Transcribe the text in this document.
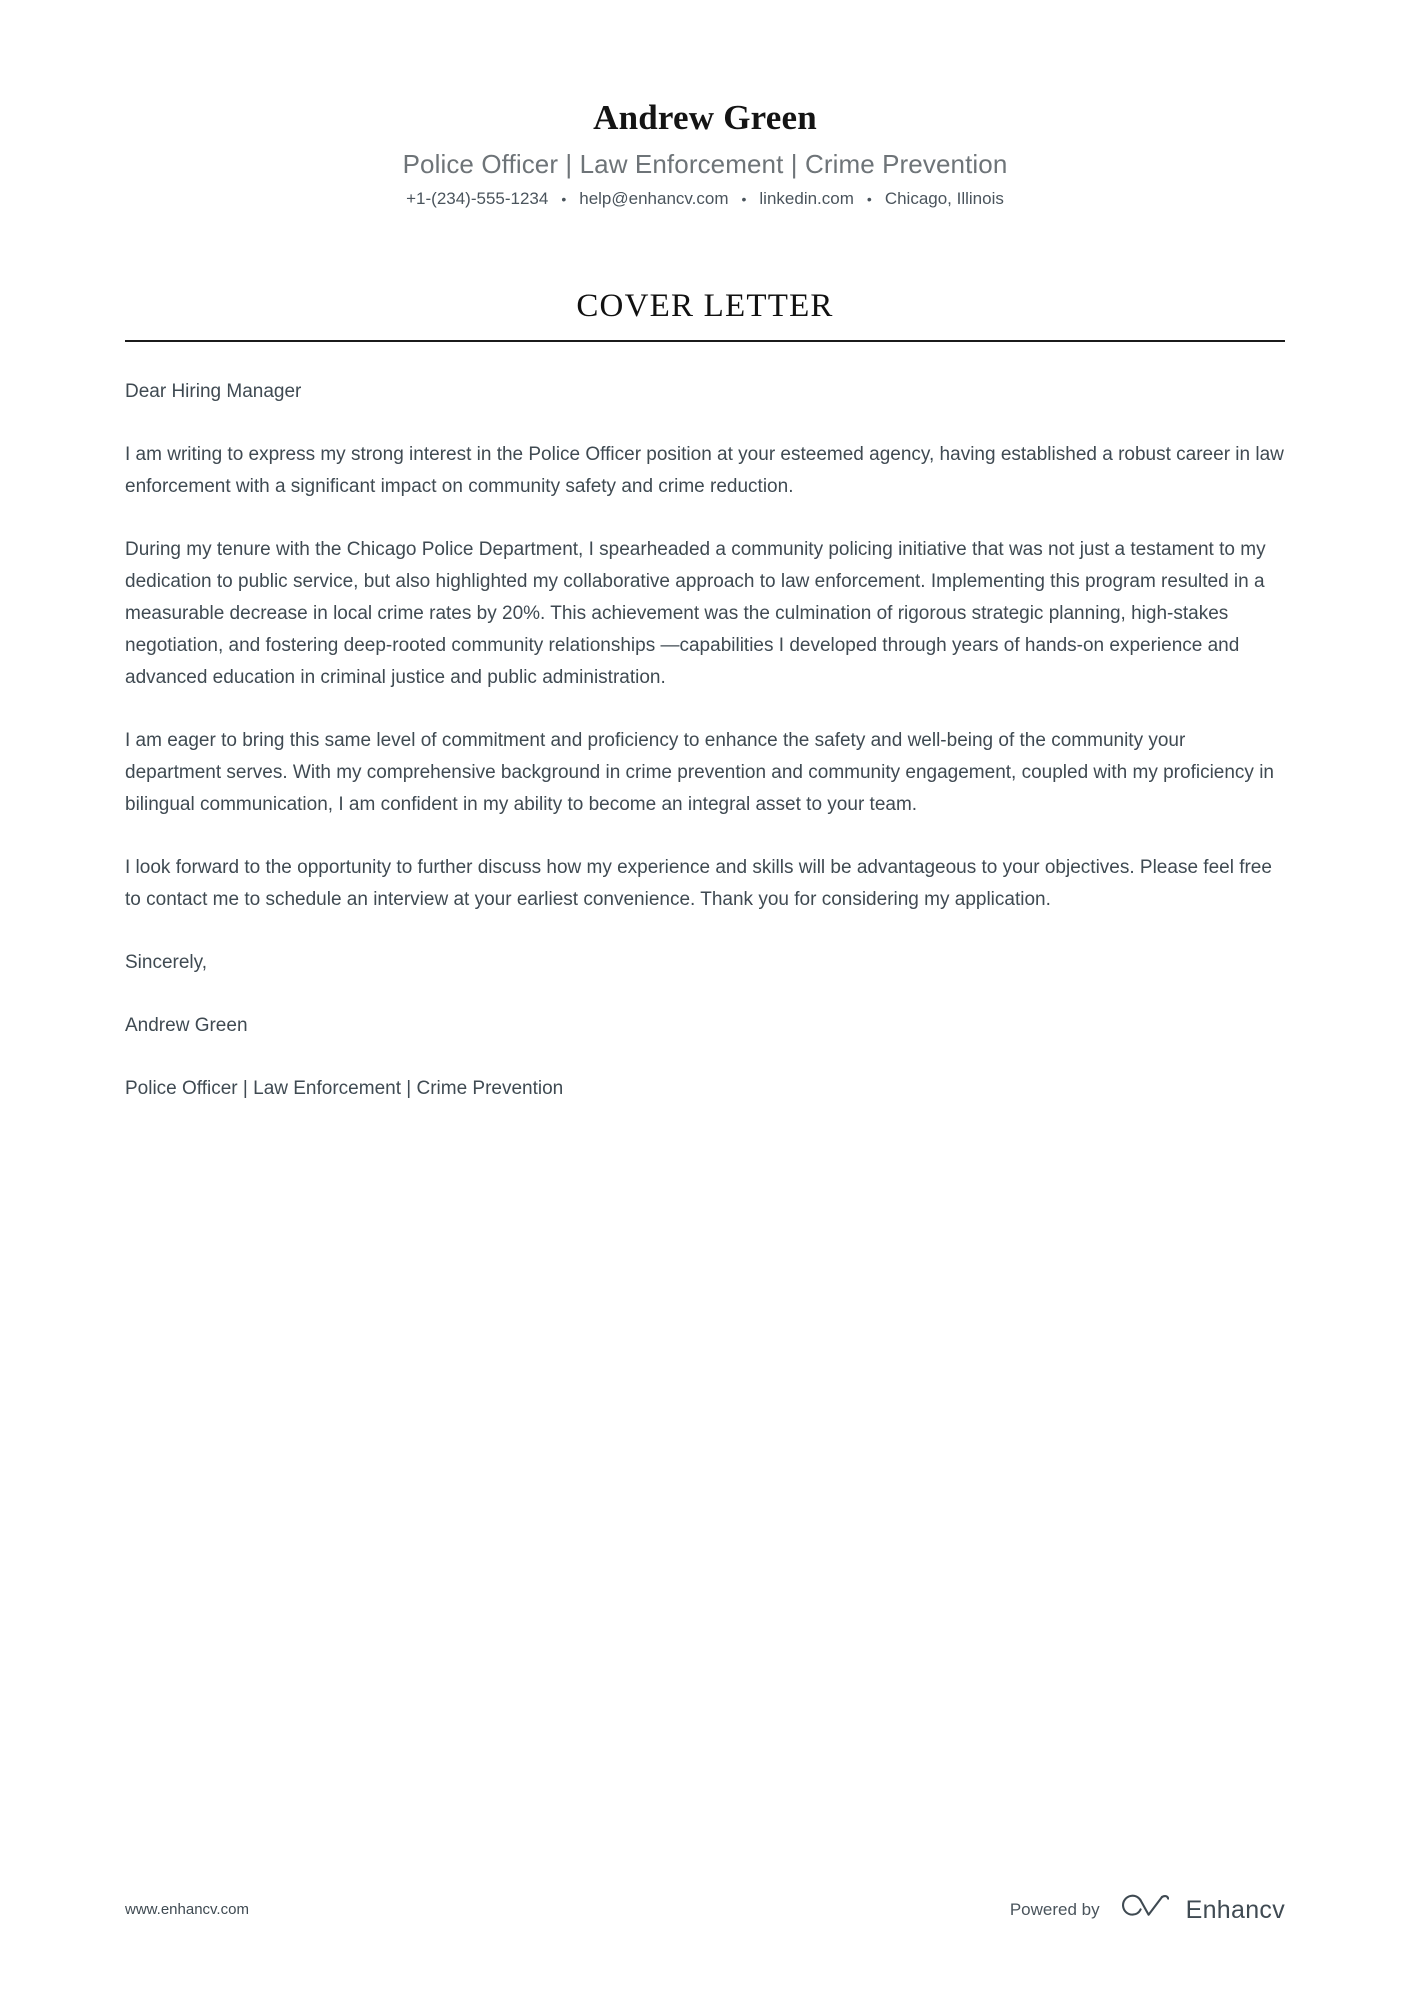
Andrew Green
Police Officer | Law Enforcement | Crime Prevention
+1-(234)-555-1234 • help@enhancv.com • linkedin.com • Chicago, Illinois
COVER LETTER

Dear Hiring Manager

I am writing to express my strong interest in the Police Officer position at your esteemed agency, having established a robust career in law enforcement with a significant impact on community safety and crime reduction.

During my tenure with the Chicago Police Department, I spearheaded a community policing initiative that was not just a testament to my dedication to public service, but also highlighted my collaborative approach to law enforcement. Implementing this program resulted in a measurable decrease in local crime rates by 20%. This achievement was the culmination of rigorous strategic planning, high-stakes negotiation, and fostering deep-rooted community relationships —capabilities I developed through years of hands-on experience and advanced education in criminal justice and public administration.

I am eager to bring this same level of commitment and proficiency to enhance the safety and well-being of the community your department serves. With my comprehensive background in crime prevention and community engagement, coupled with my proficiency in bilingual communication, I am confident in my ability to become an integral asset to your team.

I look forward to the opportunity to further discuss how my experience and skills will be advantageous to your objectives. Please feel free to contact me to schedule an interview at your earliest convenience. Thank you for considering my application.

Sincerely,

Andrew Green

Police Officer | Law Enforcement | Crime Prevention

www.enhancv.com	Powered by	Enhancv
